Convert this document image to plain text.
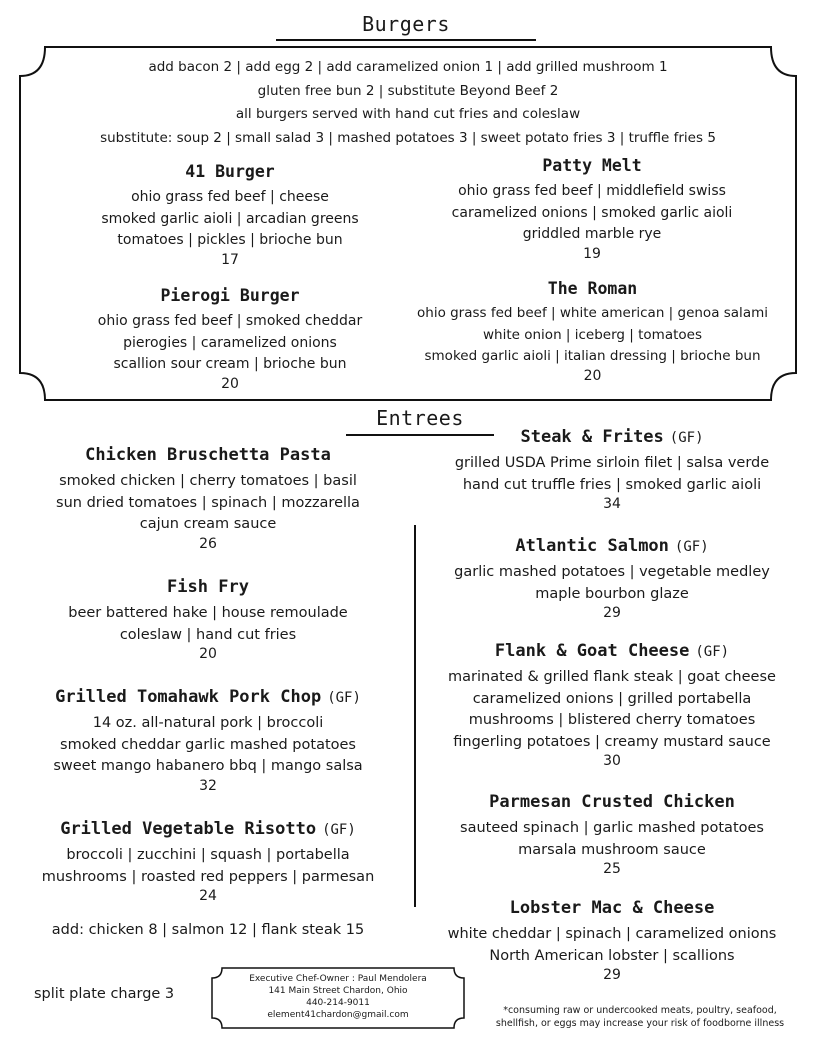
Burgers
add bacon 2 | add egg 2 | add caramelized onion 1 | add grilled mushroom 1
gluten free bun 2 | substitute Beyond Beef 2
all burgers served with hand cut fries and coleslaw
substitute: soup 2 | small salad 3 | mashed potatoes 3 | sweet potato fries 3 | truffle fries 5
41 Burger
ohio grass fed beef | cheese
smoked garlic aioli | arcadian greens
tomatoes | pickles | brioche bun
17
Patty Melt
ohio grass fed beef | middlefield swiss
caramelized onions | smoked garlic aioli
griddled marble rye
19
Pierogi Burger
ohio grass fed beef | smoked cheddar
pierogies | caramelized onions
scallion sour cream | brioche bun
20
The Roman
ohio grass fed beef | white american | genoa salami
white onion | iceberg | tomatoes
smoked garlic aioli | italian dressing | brioche bun
20
Entrees
Chicken Bruschetta Pasta
smoked chicken | cherry tomatoes | basil
sun dried tomatoes | spinach | mozzarella
cajun cream sauce
26
Fish Fry
beer battered hake | house remoulade
coleslaw | hand cut fries
20
Grilled Tomahawk Pork Chop (GF)
14 oz. all-natural pork | broccoli
smoked cheddar garlic mashed potatoes
sweet mango habanero bbq | mango salsa
32
Grilled Vegetable Risotto (GF)
broccoli | zucchini | squash | portabella
mushrooms | roasted red peppers | parmesan
24
add: chicken 8 | salmon 12 | flank steak 15
Steak & Frites (GF)
grilled USDA Prime sirloin filet | salsa verde
hand cut truffle fries | smoked garlic aioli
34
Atlantic Salmon (GF)
garlic mashed potatoes | vegetable medley
maple bourbon glaze
29
Flank & Goat Cheese (GF)
marinated & grilled flank steak | goat cheese
caramelized onions | grilled portabella
mushrooms | blistered cherry tomatoes
fingerling potatoes | creamy mustard sauce
30
Parmesan Crusted Chicken
sauteed spinach | garlic mashed potatoes
marsala mushroom sauce
25
Lobster Mac & Cheese
white cheddar | spinach | caramelized onions
North American lobster | scallions
29
split plate charge 3
Executive Chef-Owner : Paul Mendolera
141 Main Street Chardon, Ohio
440-214-9011
element41chardon@gmail.com	*consuming raw or undercooked meats, poultry, seafood,
shellfish, or eggs may increase your risk of foodborne illness
